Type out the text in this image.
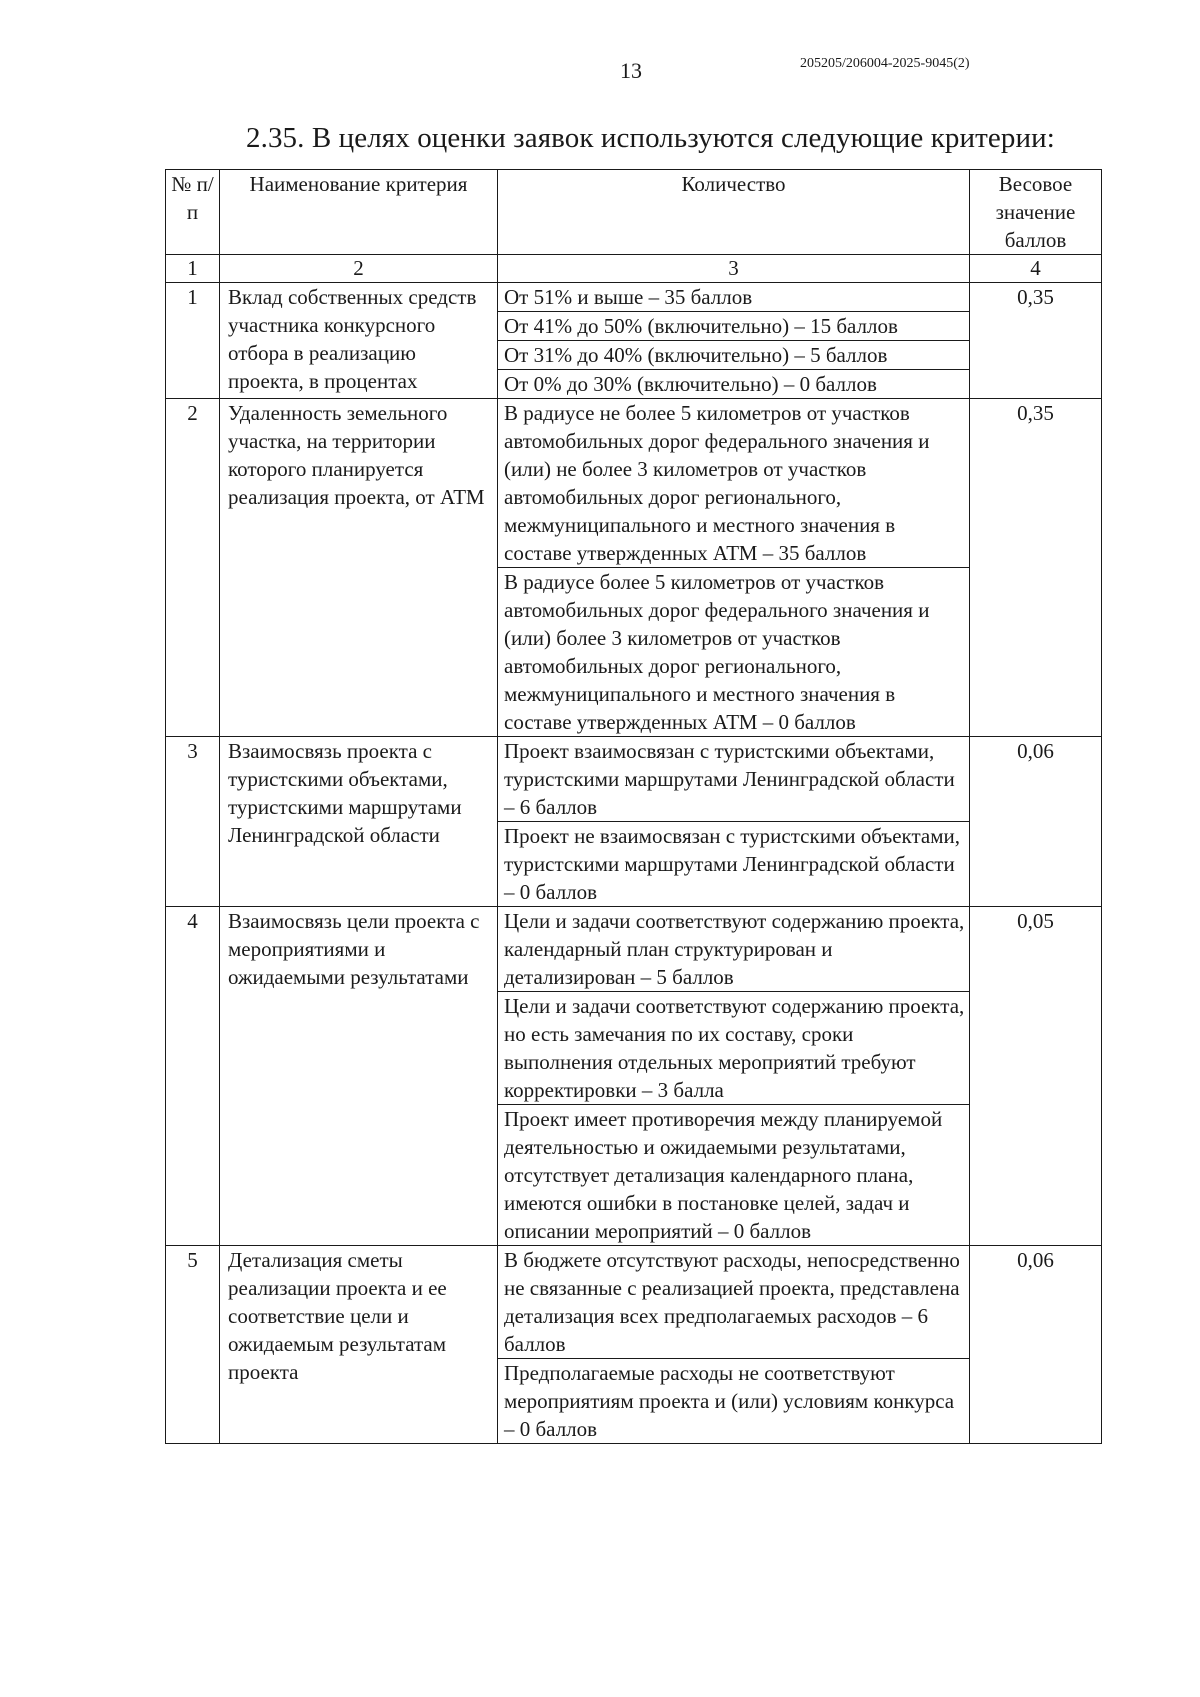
13	205205/206004-2025-9045(2)
2.35. В целях оценки заявок используются следующие критерии:
№ п/п	Наименование критерия	Количество	Весовое значение баллов
1	2	3	4
1	Вклад собственных средств участника конкурсного отбора в реализацию проекта, в процентах	От 51% и выше – 35 баллов
От 41% до 50% (включительно) – 15 баллов
От 31% до 40% (включительно) – 5 баллов
От 0% до 30% (включительно) – 0 баллов	0,35
2	Удаленность земельного участка, на территории которого планируется реализация проекта, от АТМ	В радиусе не более 5 километров от участков автомобильных дорог федерального значения и (или) не более 3 километров от участков автомобильных дорог регионального, межмуниципального и местного значения в составе утвержденных АТМ – 35 баллов
В радиусе более 5 километров от участков автомобильных дорог федерального значения и (или) более 3 километров от участков автомобильных дорог регионального, межмуниципального и местного значения в составе утвержденных АТМ – 0 баллов	0,35
3	Взаимосвязь проекта с туристскими объектами, туристскими маршрутами Ленинградской области	Проект взаимосвязан с туристскими объектами, туристскими маршрутами Ленинградской области – 6 баллов
Проект не взаимосвязан с туристскими объектами, туристскими маршрутами Ленинградской области – 0 баллов	0,06
4	Взаимосвязь цели проекта с мероприятиями и ожидаемыми результатами	Цели и задачи соответствуют содержанию проекта, календарный план структурирован и детализирован – 5 баллов
Цели и задачи соответствуют содержанию проекта, но есть замечания по их составу, сроки выполнения отдельных мероприятий требуют корректировки – 3 балла
Проект имеет противоречия между планируемой деятельностью и ожидаемыми результатами, отсутствует детализация календарного плана, имеются ошибки в постановке целей, задач и описании мероприятий – 0 баллов	0,05
5	Детализация сметы реализации проекта и ее соответствие цели и ожидаемым результатам проекта	В бюджете отсутствуют расходы, непосредственно не связанные с реализацией проекта, представлена детализация всех предполагаемых расходов – 6 баллов
Предполагаемые расходы не соответствуют мероприятиям проекта и (или) условиям конкурса – 0 баллов	0,06
